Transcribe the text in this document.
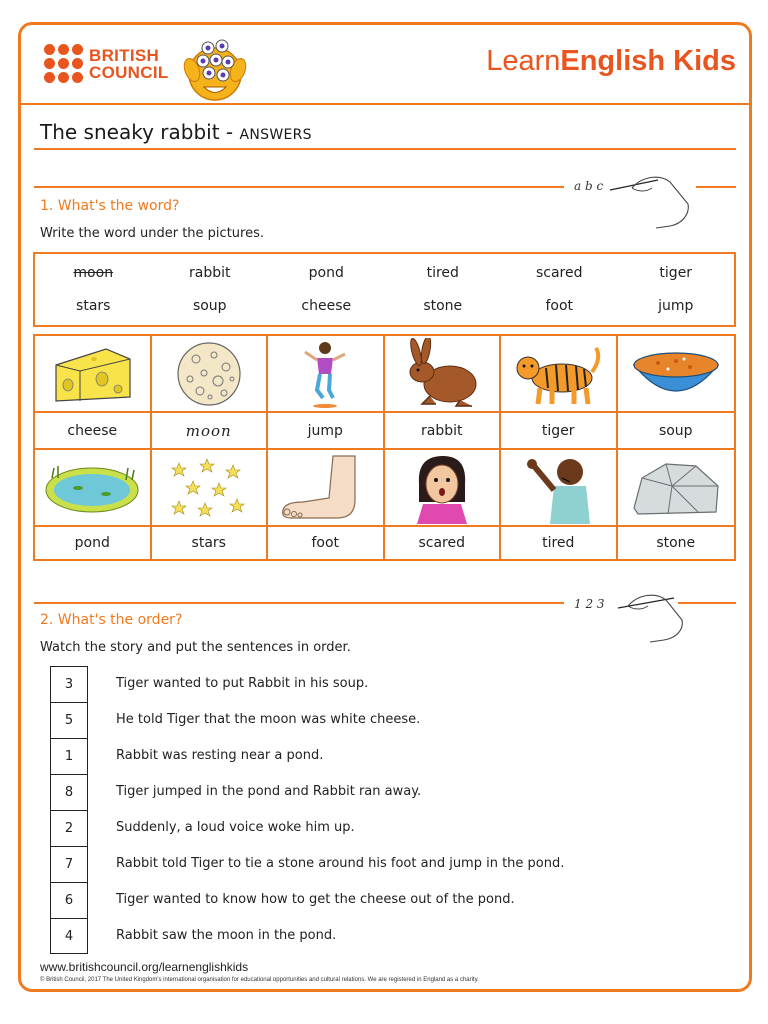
BRITISH
COUNCIL	LearnEnglish Kids
The sneaky rabbit - ANSWERS
a b c
1. What's the word?
Write the word under the pictures.
moon	rabbit	pond	tired	scared	tiger
stars	soup	cheese	stone	foot	jump
cheese	moon	jump	rabbit	tiger	soup
pond	stars	foot	scared	tired	stone
1 2 3
2. What's the order?
Watch the story and put the sentences in order.
3	Tiger wanted to put Rabbit in his soup.
5	He told Tiger that the moon was white cheese.
1	Rabbit was resting near a pond.
8	Tiger jumped in the pond and Rabbit ran away.
2	Suddenly, a loud voice woke him up.
7	Rabbit told Tiger to tie a stone around his foot and jump in the pond.
6	Tiger wanted to know how to get the cheese out of the pond.
4	Rabbit saw the moon in the pond.
www.britishcouncil.org/learnenglishkids
© British Council, 2017 The United Kingdom's international organisation for educational opportunities and cultural relations. We are registered in England as a charity.
